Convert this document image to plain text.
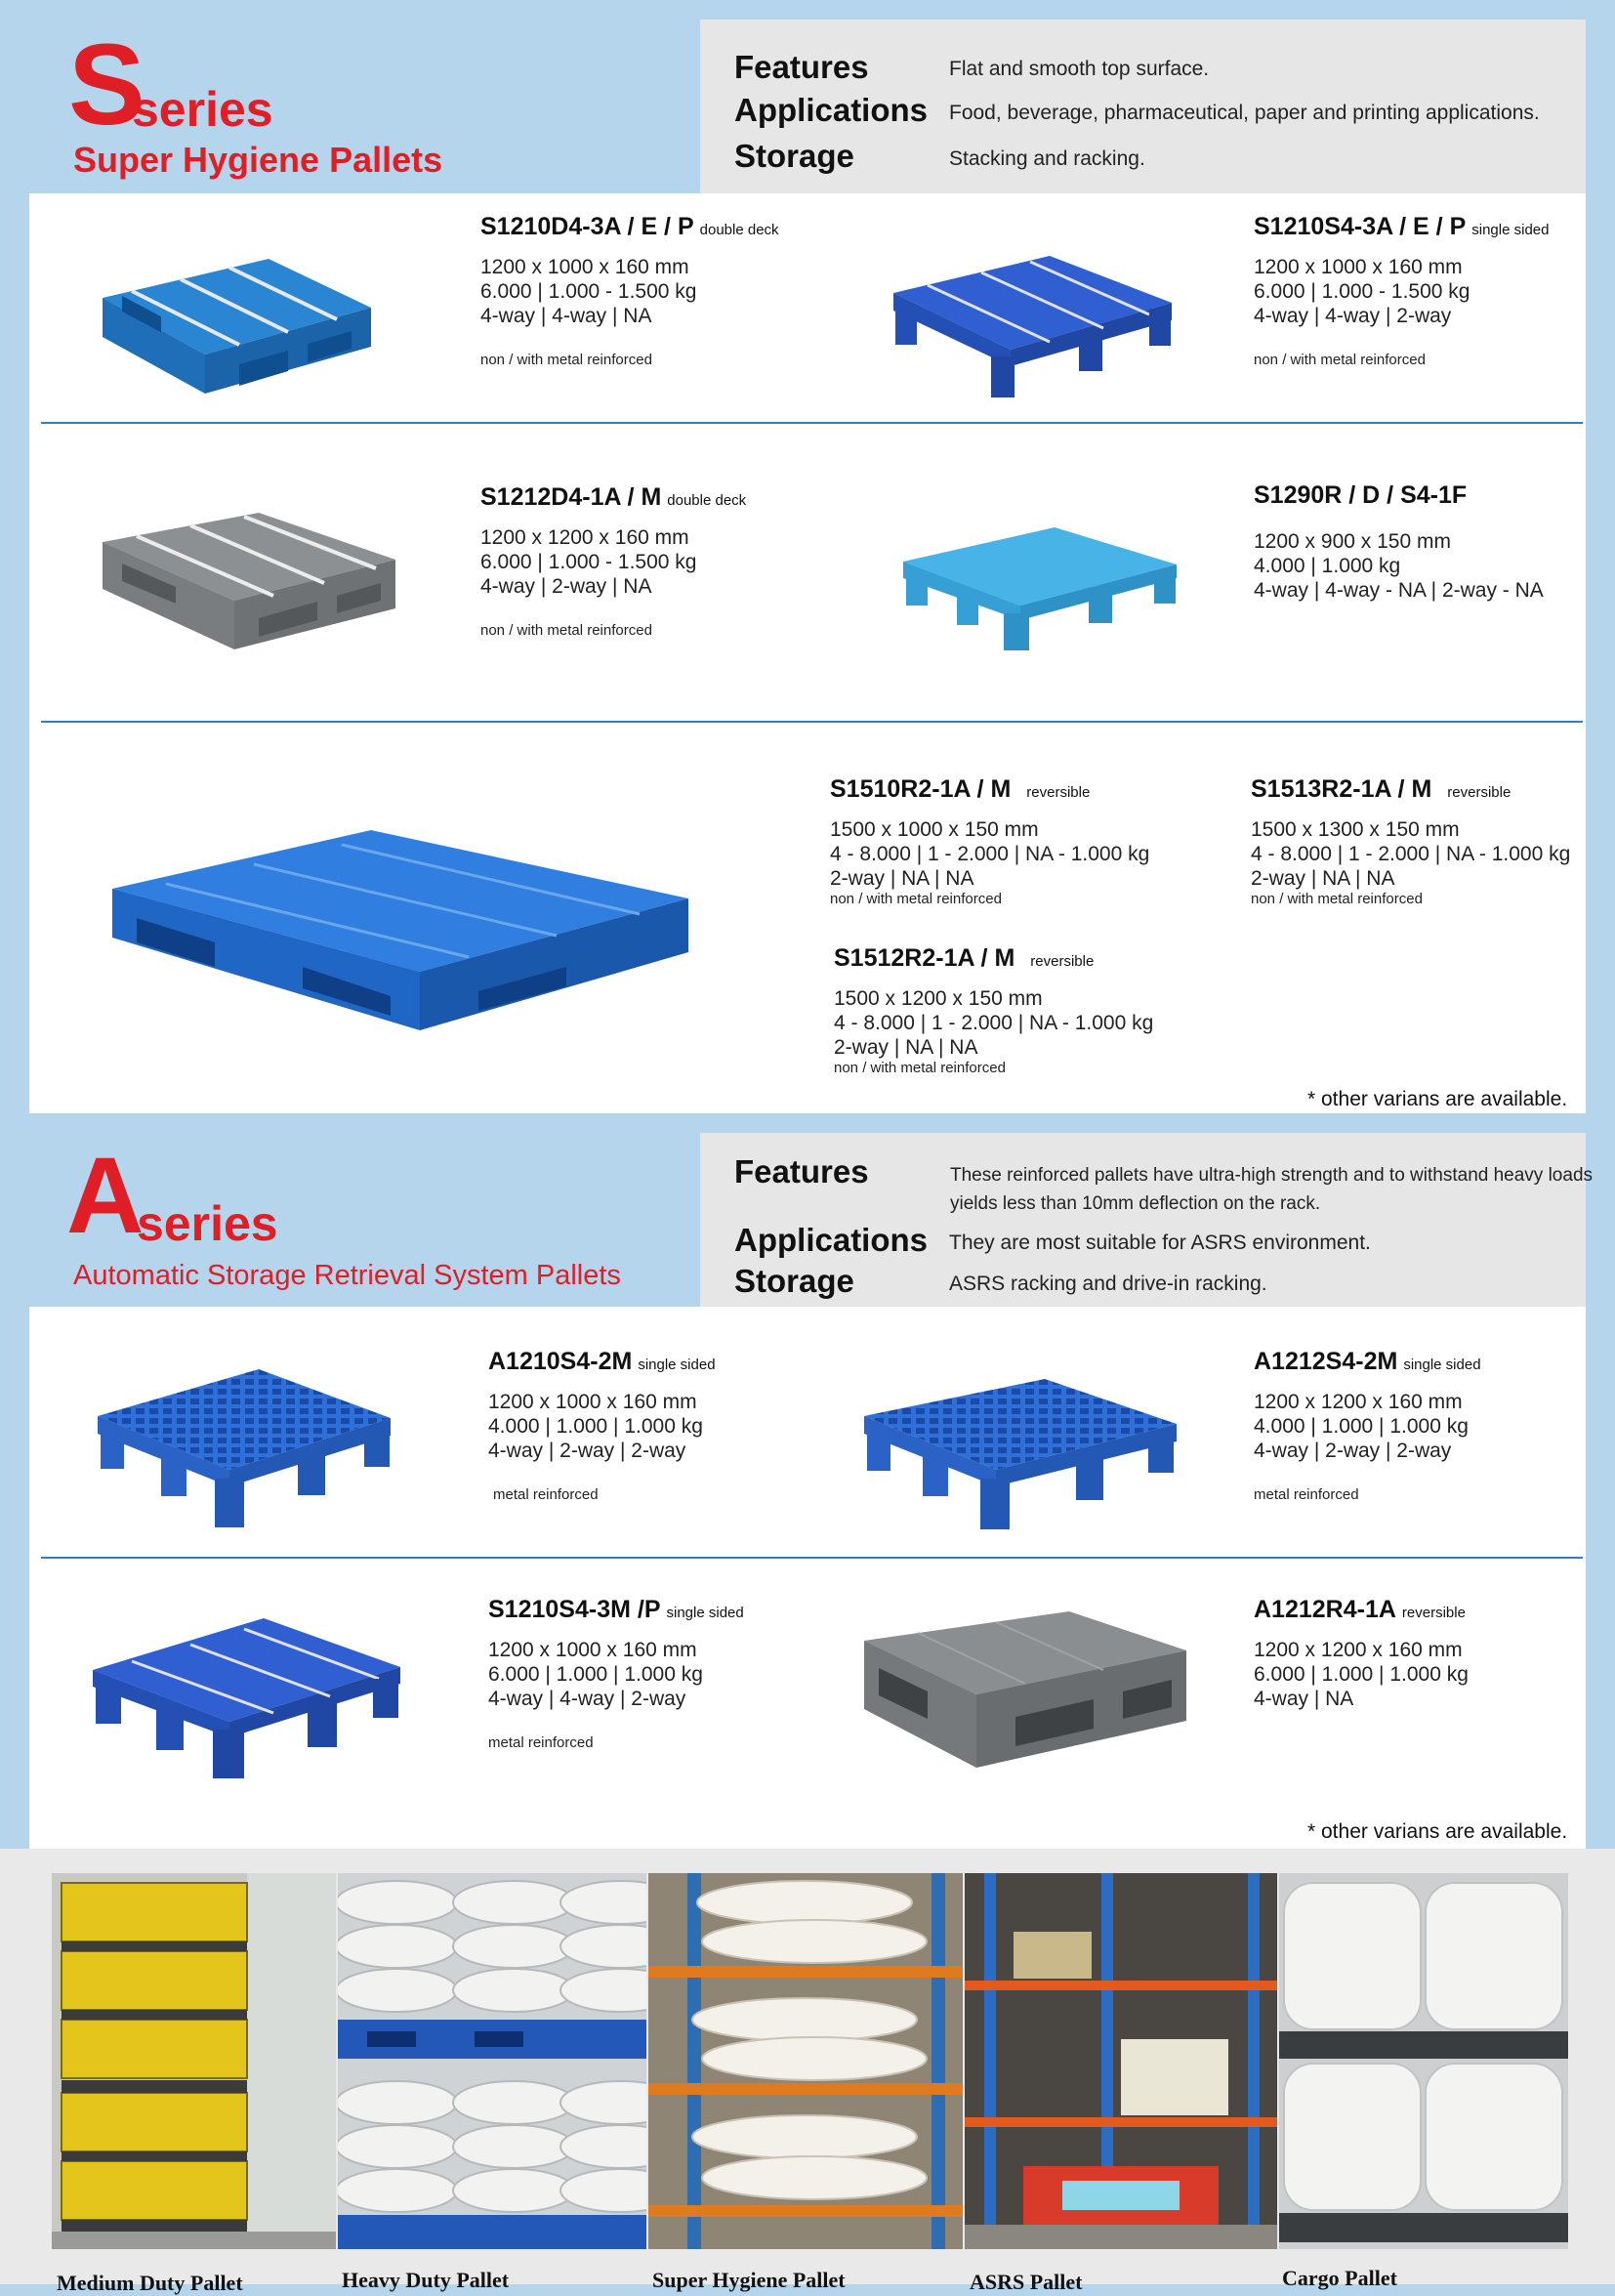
S
series
Super Hygiene Pallets
Features	Flat and smooth top surface.
Applications Food, beverage, pharmaceutical, paper and printing applications.
Storage	Stacking and racking.
S1210D4-3A / E / P double deck
1200 x 1000 x 160 mm
6.000 | 1.000 - 1.500 kg
4-way | 4-way | NA
non / with metal reinforced
S1210S4-3A / E / P single sided
1200 x 1000 x 160 mm
6.000 | 1.000 - 1.500 kg
4-way | 4-way | 2-way
non / with metal reinforced
S1212D4-1A / M double deck
1200 x 1200 x 160 mm
6.000 | 1.000 - 1.500 kg
4-way | 2-way | NA
non / with metal reinforced
S1290R / D / S4-1F
1200 x 900 x 150 mm
4.000 | 1.000 kg
4-way | 4-way - NA | 2-way - NA
S1510R2-1A / M reversible
1500 x 1000 x 150 mm
4 - 8.000 | 1 - 2.000 | NA - 1.000 kg
2-way | NA | NA
non / with metal reinforced
S1513R2-1A / M reversible
1500 x 1300 x 150 mm
4 - 8.000 | 1 - 2.000 | NA - 1.000 kg
2-way | NA | NA
non / with metal reinforced
S1512R2-1A / M reversible
1500 x 1200 x 150 mm
4 - 8.000 | 1 - 2.000 | NA - 1.000 kg
2-way | NA | NA
non / with metal reinforced
* other varians are available.
A
series
Automatic Storage Retrieval System Pallets
Features	These reinforced pallets have ultra-high strength and to withstand heavy loads
yields less than 10mm deflection on the rack.
Applications They are most suitable for ASRS environment.
Storage	ASRS racking and drive-in racking.
A1210S4-2M single sided
1200 x 1000 x 160 mm
4.000 | 1.000 | 1.000 kg
4-way | 2-way | 2-way
metal reinforced
A1212S4-2M single sided
1200 x 1200 x 160 mm
4.000 | 1.000 | 1.000 kg
4-way | 2-way | 2-way
metal reinforced
S1210S4-3M /P single sided
1200 x 1000 x 160 mm
6.000 | 1.000 | 1.000 kg
4-way | 4-way | 2-way
metal reinforced
A1212R4-1A reversible
1200 x 1200 x 160 mm
6.000 | 1.000 | 1.000 kg
4-way | NA
* other varians are available.
Medium Duty Pallet	Heavy Duty Pallet	Super Hygiene Pallet	ASRS Pallet	Cargo Pallet
